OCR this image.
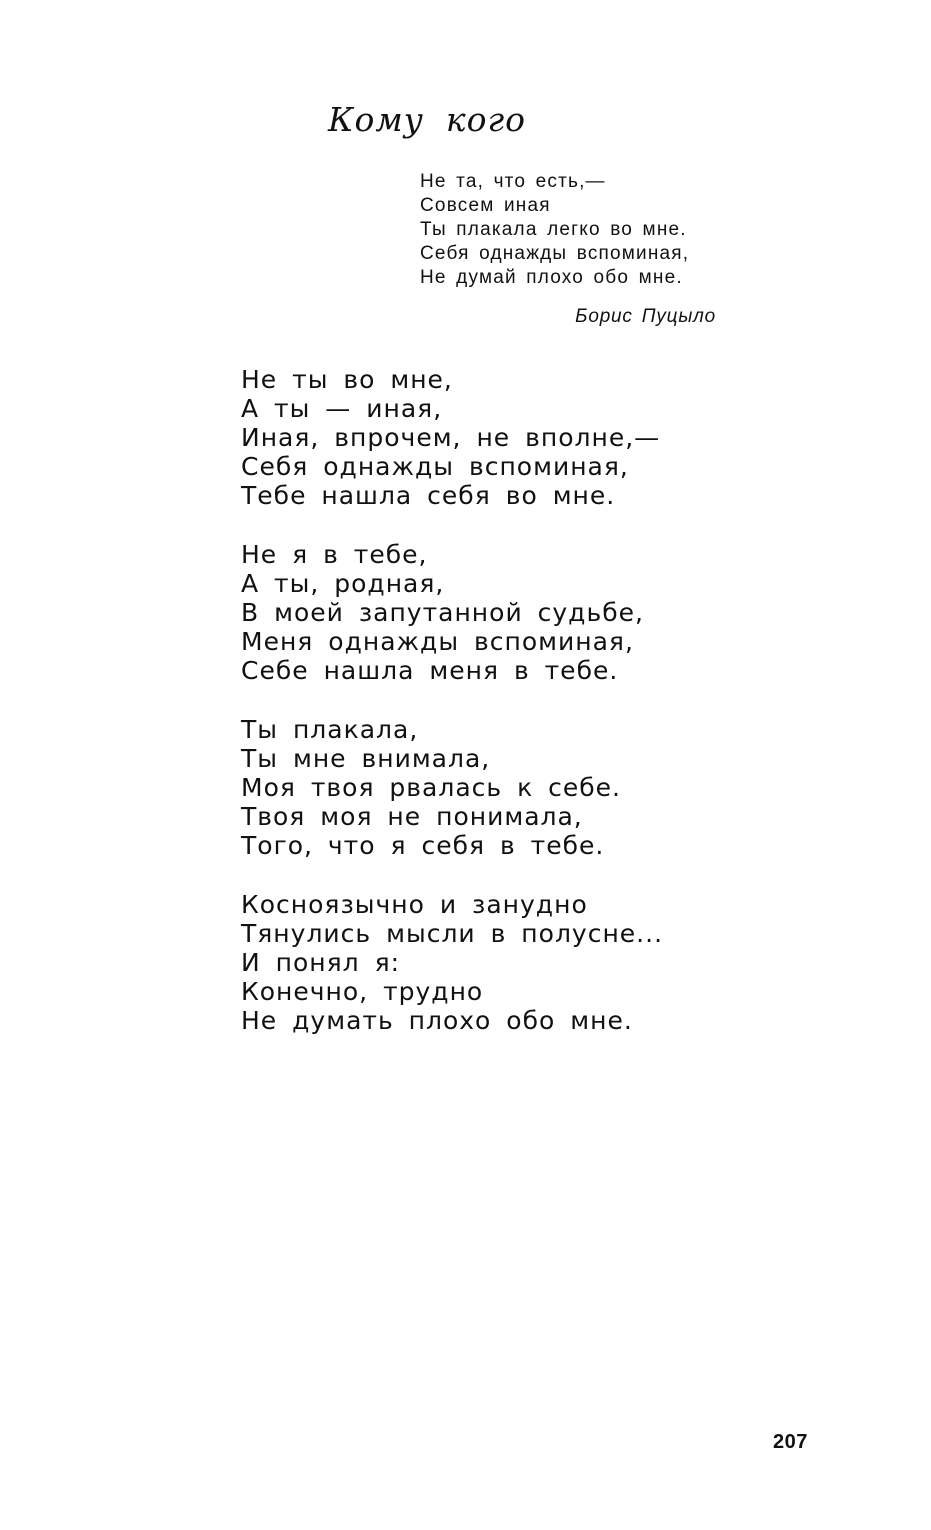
Кому кого
Не та, что есть,—
Совсем иная
Ты плакала легко во мне.
Себя однажды вспоминая,
Не думай плохо обо мне.
Борис Пуцыло
Не ты во мне,
А ты — иная,
Иная, впрочем, не вполне,—
Себя однажды вспоминая,
Тебе нашла себя во мне.
Не я в тебе,
А ты, родная,
В моей запутанной судьбе,
Меня однажды вспоминая,
Себе нашла меня в тебе.
Ты плакала,
Ты мне внимала,
Моя твоя рвалась к себе.
Твоя моя не понимала,
Того, что я себя в тебе.
Косноязычно и занудно
Тянулись мысли в полусне...
И понял я:
Конечно, трудно
Не думать плохо обо мне.
207
